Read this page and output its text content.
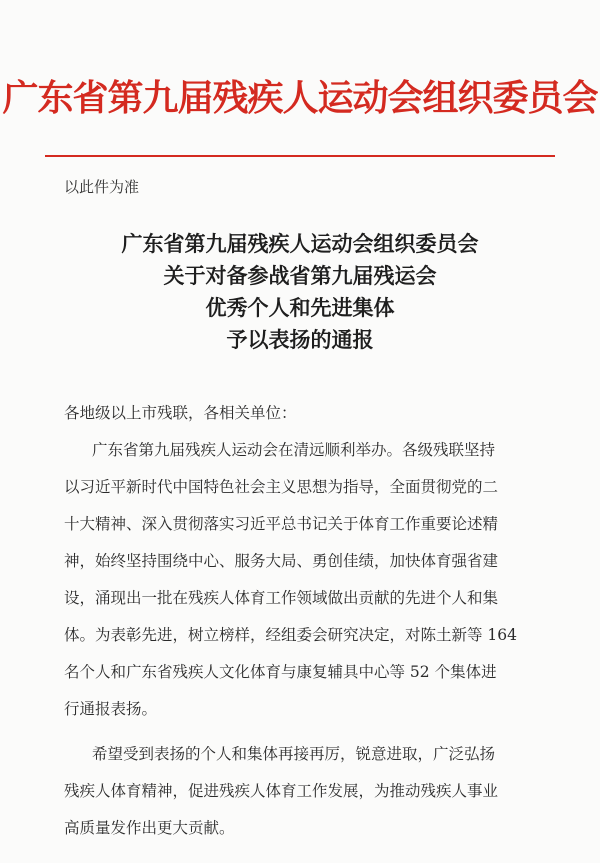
广东省第九届残疾人运动会组织委员会
以此件为准
广东省第九届残疾人运动会组织委员会
关于对备参战省第九届残运会
优秀个人和先进集体
予以表扬的通报
各地级以上市残联，各相关单位：
广东省第九届残疾人运动会在清远顺利举办。各级残联坚持
以习近平新时代中国特色社会主义思想为指导，全面贯彻党的二
十大精神、深入贯彻落实习近平总书记关于体育工作重要论述精
神，始终坚持围绕中心、服务大局、勇创佳绩，加快体育强省建
设，涌现出一批在残疾人体育工作领域做出贡献的先进个人和集
体。为表彰先进，树立榜样，经组委会研究决定，对陈土新等 164
名个人和广东省残疾人文化体育与康复辅具中心等 52 个集体进
行通报表扬。
希望受到表扬的个人和集体再接再厉，锐意进取，广泛弘扬
残疾人体育精神，促进残疾人体育工作发展，为推动残疾人事业
高质量发作出更大贡献。
